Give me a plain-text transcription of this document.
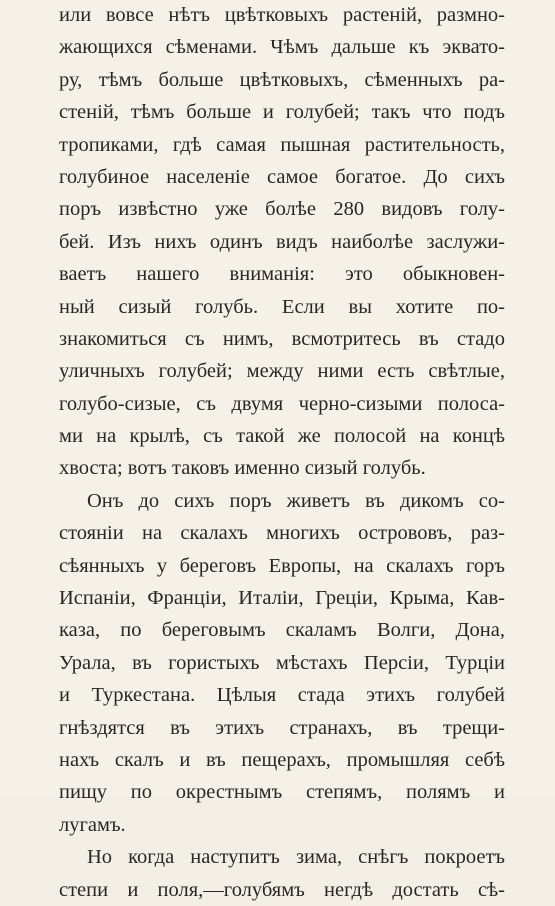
или вовсе нѣтъ цвѣтковыхъ растеній, размно-
жающихся сѣменами. Чѣмъ дальше къ эквато-
ру, тѣмъ больше цвѣтковыхъ, сѣменныхъ ра-
стеній, тѣмъ больше и голубей; такъ что подъ
тропиками, гдѣ самая пышная растительность,
голубиное населеніе самое богатое. До сихъ
поръ извѣстно уже болѣе 280 видовъ голу-
бей. Изъ нихъ одинъ видъ наиболѣе заслужи-
ваетъ нашего вниманія: это обыкновен-
ный сизый голубь. Если вы хотите по-
знакомиться съ нимъ, всмотритесь въ стадо
уличныхъ голубей; между ними есть свѣтлые,
голубо-сизые, съ двумя черно-сизыми полоса-
ми на крылѣ, съ такой же полосой на концѣ
хвоста; вотъ таковъ именно сизый голубь.
Онъ до сихъ поръ живетъ въ дикомъ со-
стояніи на скалахъ многихъ острововъ, раз-
сѣянныхъ у береговъ Европы, на скалахъ горъ
Испаніи, Франціи, Италіи, Греціи, Крыма, Кав-
каза, по береговымъ скаламъ Волги, Дона,
Урала, въ гористыхъ мѣстахъ Персіи, Турціи
и Туркестана. Цѣлыя стада этихъ голубей
гнѣздятся въ этихъ странахъ, въ трещи-
нахъ скалъ и въ пещерахъ, промышляя себѣ
пищу по окрестнымъ степямъ, полямъ и
лугамъ.
Но когда наступитъ зима, снѣгъ покроетъ
степи и поля,—голубямъ негдѣ достать сѣ-
